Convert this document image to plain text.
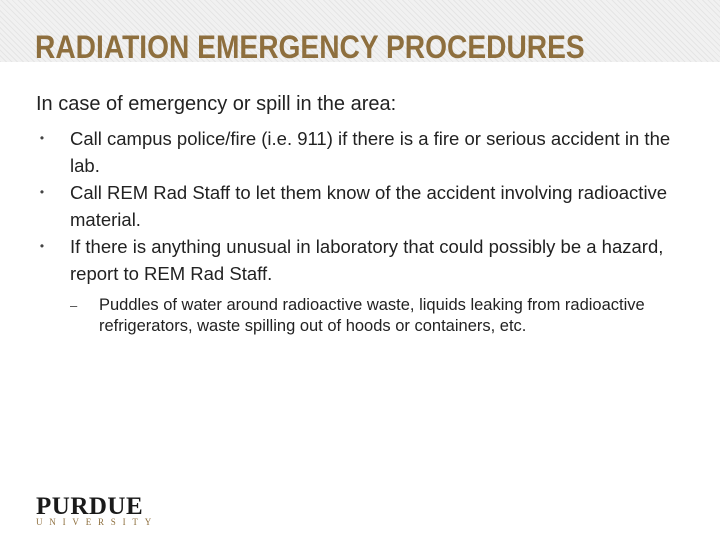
RADIATION EMERGENCY PROCEDURES

In case of emergency or spill in the area:

• Call campus police/fire (i.e. 911) if there is a fire or serious accident in the lab.
• Call REM Rad Staff to let them know of the accident involving radioactive material.
• If there is anything unusual in laboratory that could possibly be a hazard, report to REM Rad Staff.
– Puddles of water around radioactive waste, liquids leaking from radioactive refrigerators, waste spilling out of hoods or containers, etc.
PURDUE
UNIVERSITY
